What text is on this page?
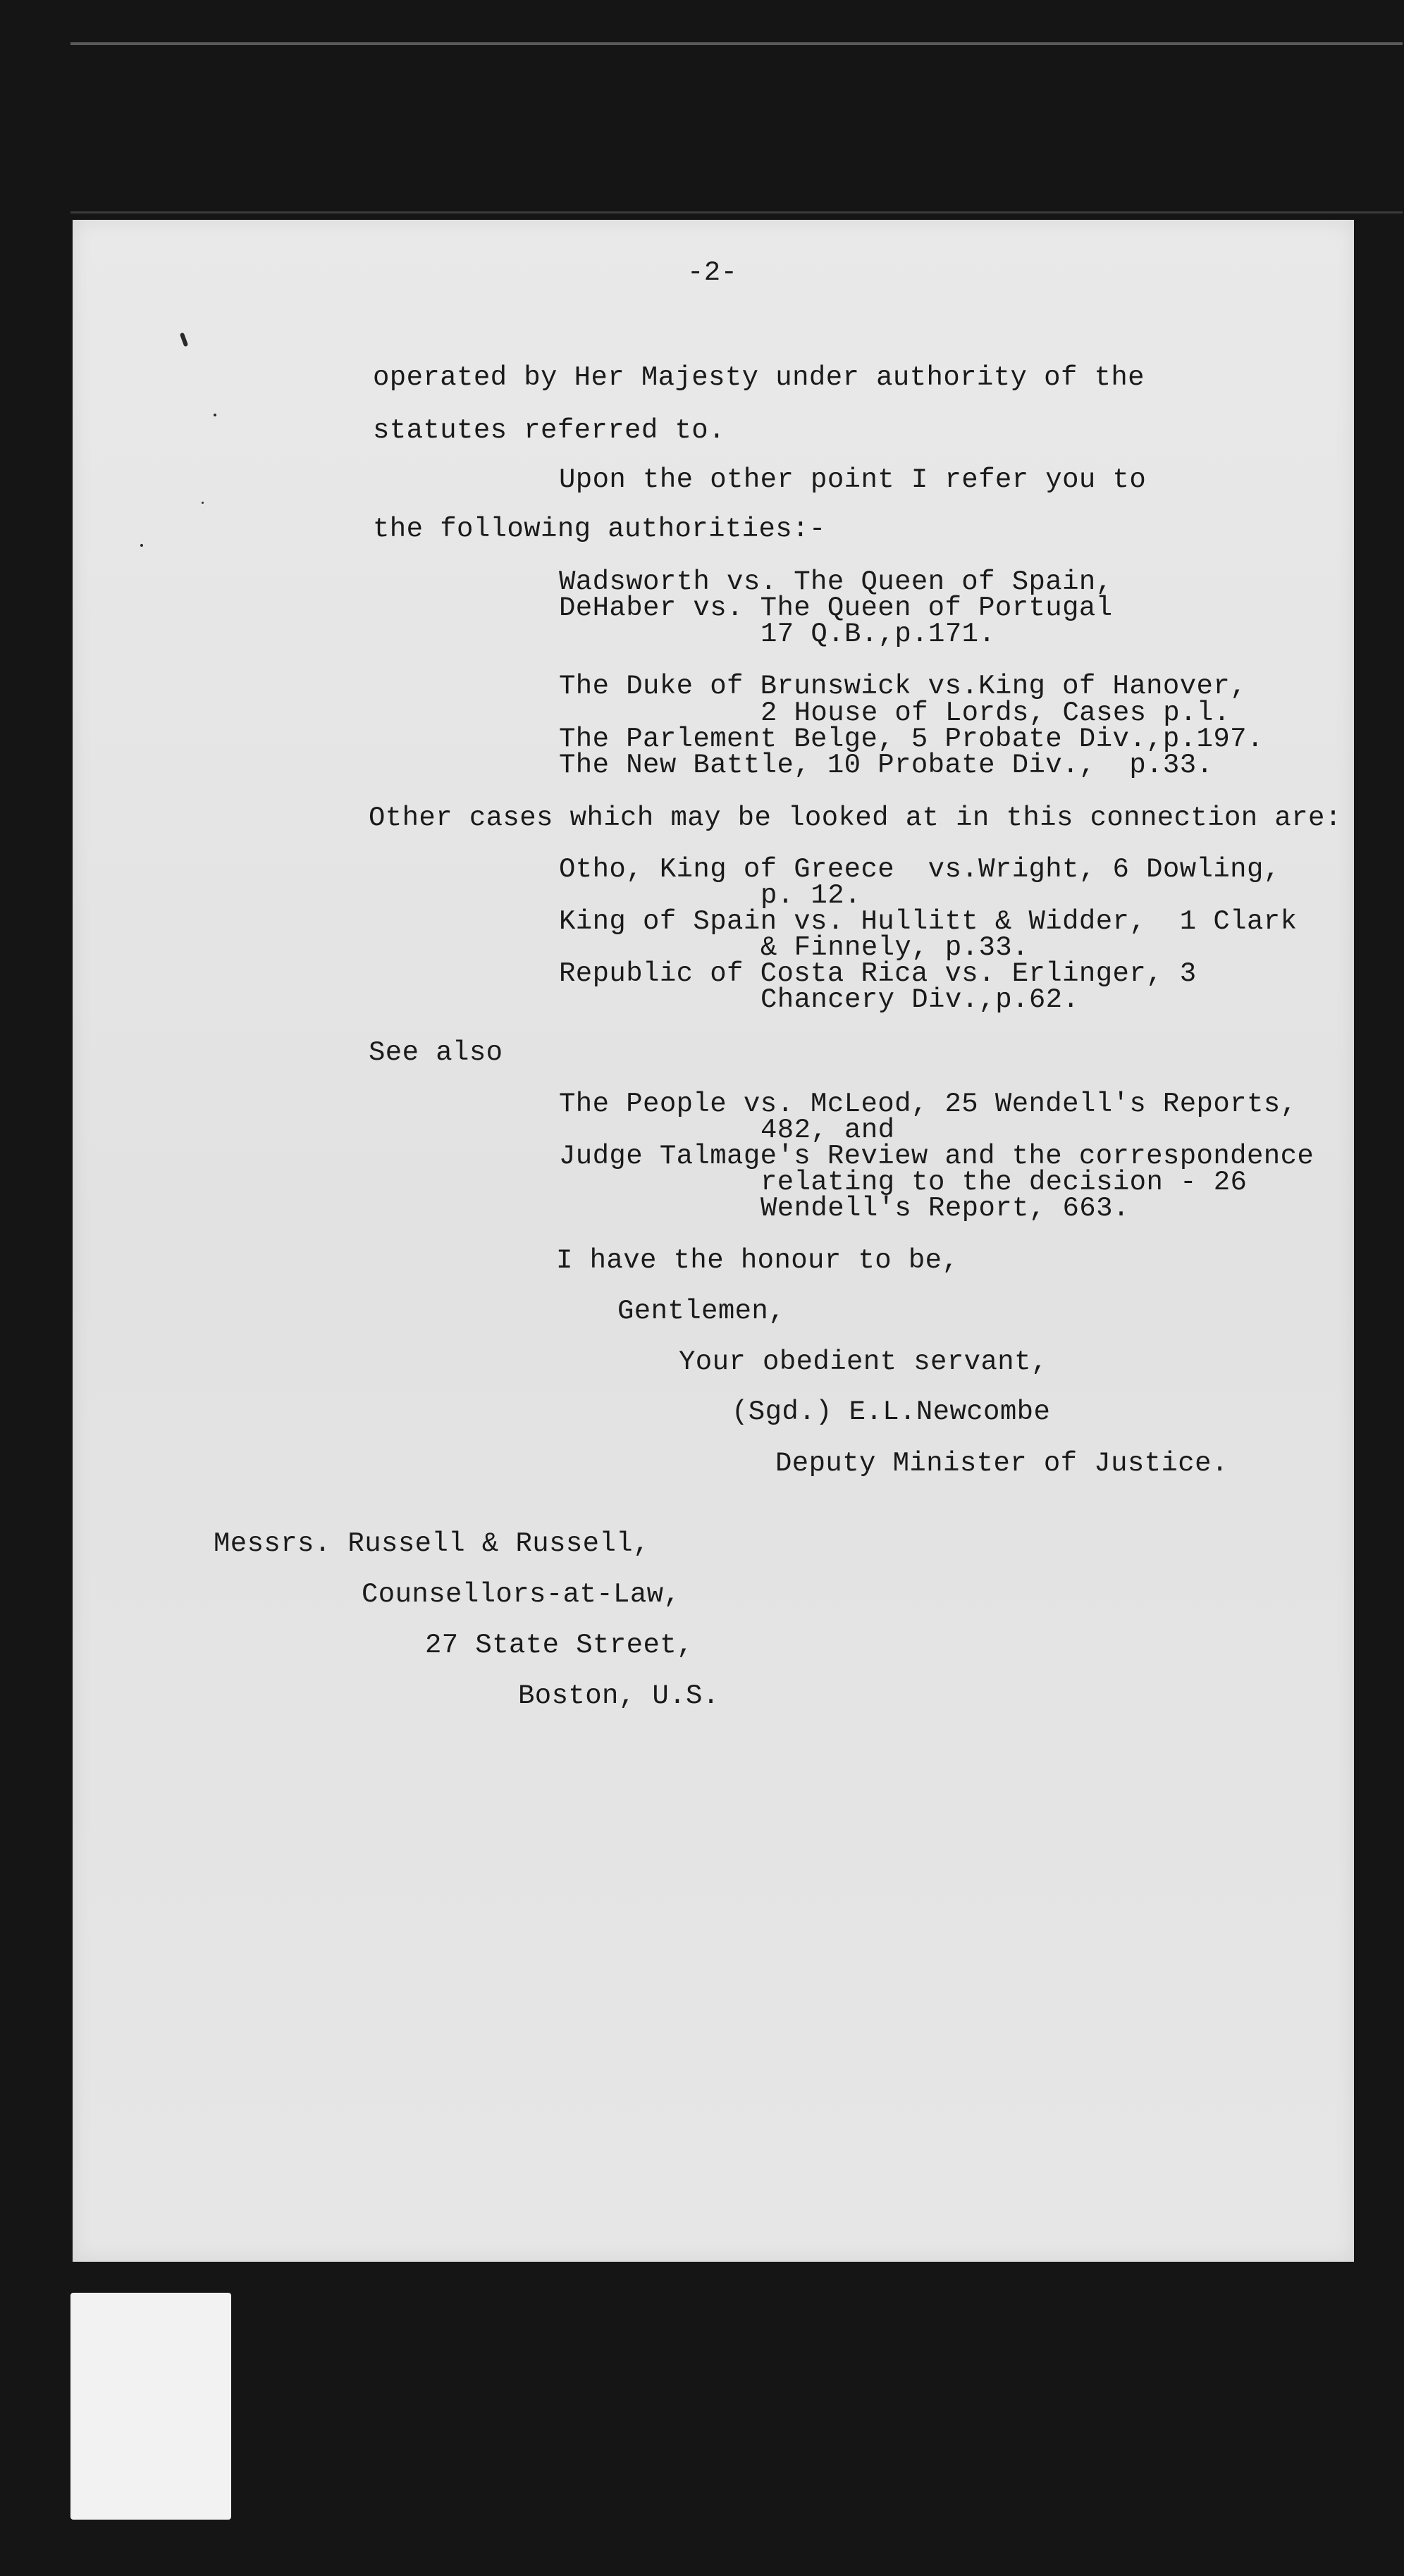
-2-

operated by Her Majesty under authority of the

statutes referred to.

Upon the other point I refer you to

the following authorities:-

Wadsworth vs. The Queen of Spain,

DeHaber vs. The Queen of Portugal

17 Q.B.,p.171.

The Duke of Brunswick vs.King of Hanover,

2 House of Lords, Cases p.l.

The Parlement Belge, 5 Probate Div.,p.197.

The New Battle, 10 Probate Div.,  p.33.

Other cases which may be looked at in this connection are:

Otho, King of Greece  vs.Wright, 6 Dowling,

p. 12.

King of Spain vs. Hullitt & Widder,  1 Clark

& Finnely, p.33.

Republic of Costa Rica vs. Erlinger, 3

Chancery Div.,p.62.

See also

The People vs. McLeod, 25 Wendell's Reports,

482, and

Judge Talmage's Review and the correspondence

relating to the decision - 26

Wendell's Report, 663.

I have the honour to be,

Gentlemen,

Your obedient servant,

(Sgd.) E.L.Newcombe

Deputy Minister of Justice.

Messrs. Russell & Russell,

Counsellors-at-Law,

27 State Street,

Boston, U.S.
